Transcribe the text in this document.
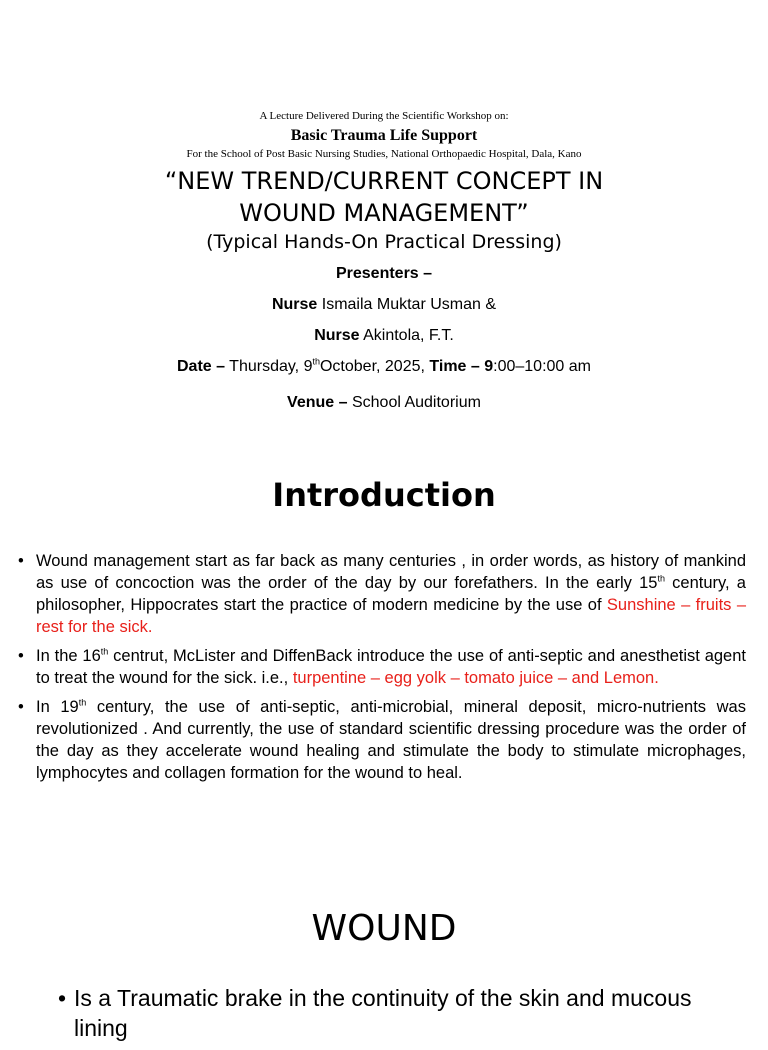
A Lecture Delivered During the Scientific Workshop on:
Basic Trauma Life Support
For the School of Post Basic Nursing Studies, National Orthopaedic Hospital, Dala, Kano
“NEW TREND/CURRENT CONCEPT IN
WOUND MANAGEMENT”
(Typical Hands-On Practical Dressing)
Presenters –
Nurse Ismaila Muktar Usman &
Nurse Akintola, F.T.
Date – Thursday, 9thOctober, 2025, Time – 9:00–10:00 am
Venue – School Auditorium
Introduction
• Wound management start as far back as many centuries , in order words, as history of mankind as use of concoction was the order of the day by our forefathers. In the early 15th century, a philosopher, Hippocrates start the practice of modern medicine by the use of Sunshine – fruits – rest for the sick.
• In the 16th centrut, McLister and DiffenBack introduce the use of anti-septic and anesthetist agent to treat the wound for the sick. i.e., turpentine – egg yolk – tomato juice – and Lemon.
• In 19th century, the use of anti-septic, anti-microbial, mineral deposit, micro-nutrients was revolutionized . And currently, the use of standard scientific dressing procedure was the order of the day as they accelerate wound healing and stimulate the body to stimulate microphages, lymphocytes and collagen formation for the wound to heal.
WOUND
• Is a Traumatic brake in the continuity of the skin and mucous lining
